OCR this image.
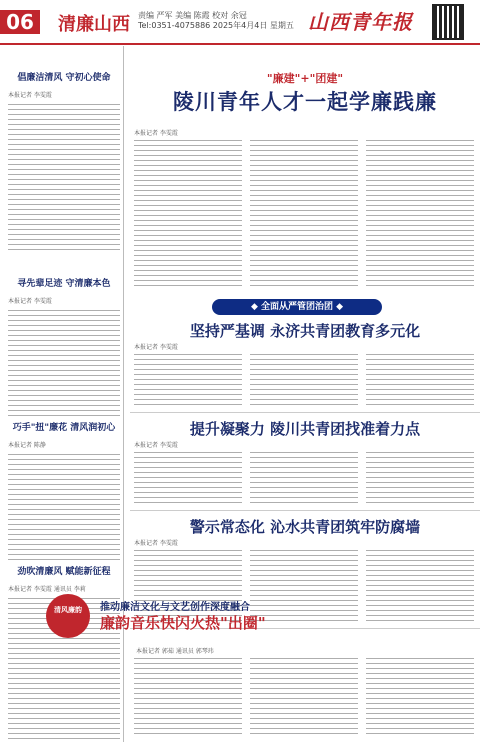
06	清廉山西 责编 严军 美编 陈霞 校对 余冠
Tel:0351-4075886 2025年4月4日 星期五 山西青年报
倡廉洁清风 守初心使命
本报记者 李雯霞
寻先辈足迹 守清廉本色
本报记者 李雯霞
巧手"扭"廉花 清风润初心
本报记者 陈静
劲吹清廉风 赋能新征程
本报记者 李雯霞 通讯员 李莉
"廉建"+"团建"
陵川青年人才一起学廉践廉
本报记者 李雯霞
◆ 全面从严管团治团 ◆
坚持严基调 永济共青团教育多元化
本报记者 李雯霞
提升凝聚力 陵川共青团找准着力点
本报记者 李雯霞
警示常态化 沁水共青团筑牢防腐墙
本报记者 李雯霞
清风廉韵	推动廉洁文化与文艺创作深度融合
廉韵音乐快闪火热"出圈"
本报记者 郭茹 通讯员 郭琴玮
